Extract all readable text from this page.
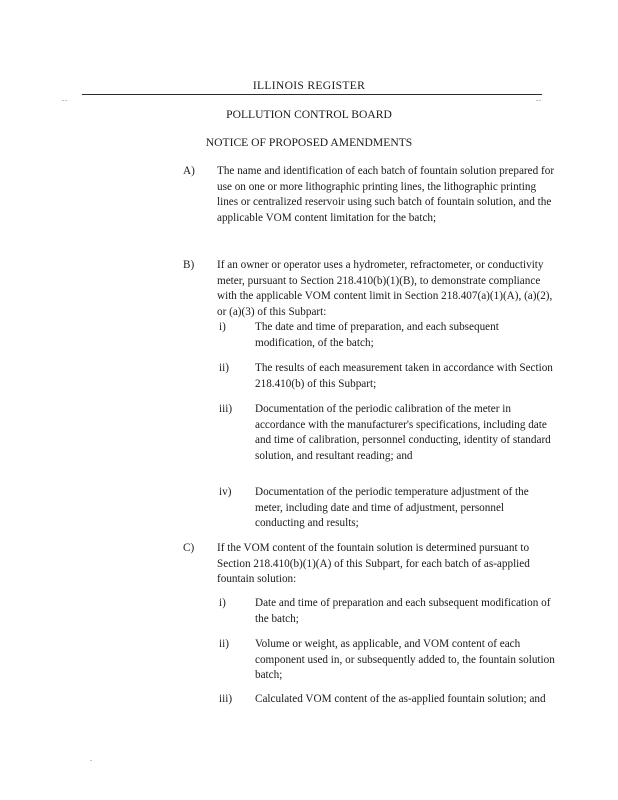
..
ILLINOIS REGISTER
..
POLLUTION CONTROL BOARD
NOTICE OF PROPOSED AMENDMENTS
A)	The name and identification of each batch of fountain solution prepared for use on one or more lithographic printing lines, the lithographic printing lines or centralized reservoir using such batch of fountain solution, and the applicable VOM content limitation for the batch;
B)	If an owner or operator uses a hydrometer, refractometer, or conductivity meter, pursuant to Section 218.410(b)(1)(B), to demonstrate compliance with the applicable VOM content limit in Section 218.407(a)(1)(A), (a)(2), or (a)(3) of this Subpart:
i)	The date and time of preparation, and each subsequent modification, of the batch;
ii)	The results of each measurement taken in accordance with Section 218.410(b) of this Subpart;
iii)	Documentation of the periodic calibration of the meter in accordance with the manufacturer's specifications, including date and time of calibration, personnel conducting, identity of standard solution, and resultant reading; and
iv)	Documentation of the periodic temperature adjustment of the meter, including date and time of adjustment, personnel conducting and results;
C)	If the VOM content of the fountain solution is determined pursuant to Section 218.410(b)(1)(A) of this Subpart, for each batch of as-applied fountain solution:
i)	Date and time of preparation and each subsequent modification of the batch;
ii)	Volume or weight, as applicable, and VOM content of each component used in, or subsequently added to, the fountain solution batch;
iii)	Calculated VOM content of the as-applied fountain solution; and
.
